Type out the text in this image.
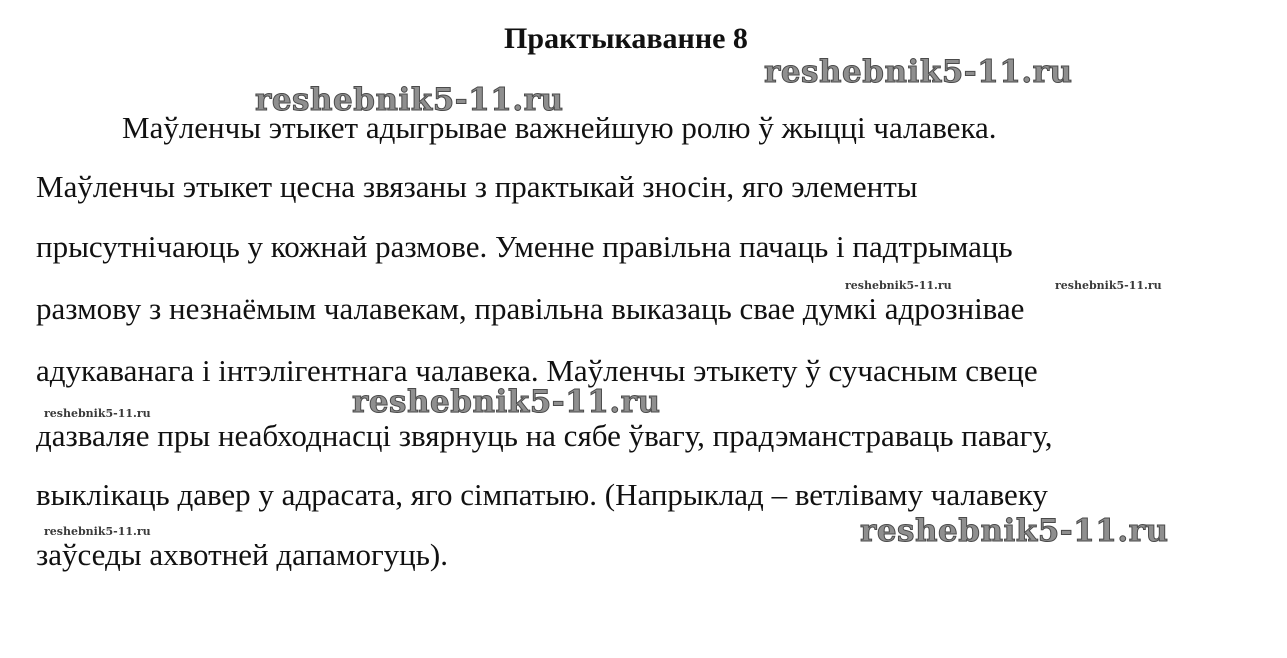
Практыкаванне 8
Маўленчы этыкет адыгрывае важнейшую ролю ў жыцці чалавека.
Маўленчы этыкет цесна звязаны з практыкай зносін, яго элементы
прысутнічаюць у кожнай размове. Уменне правільна пачаць і падтрымаць
размову з незнаёмым чалавекам, правільна выказаць свае думкі адрознівае
адукаванага і інтэлігентнага чалавека. Маўленчы этыкету ў сучасным свеце
дазваляе пры неабходнасці звярнуць на сябе ўвагу, прадэманстраваць павагу,
выклікаць давер у адрасата, яго сімпатыю. (Напрыклад – ветліваму чалавеку
заўседы ахвотней дапамогуць).
reshebnik5-11.ru
reshebnik5-11.ru
reshebnik5-11.ru
reshebnik5-11.ru
reshebnik5-11.ru	reshebnik5-11.ru
reshebnik5-11.ru
reshebnik5-11.ru
